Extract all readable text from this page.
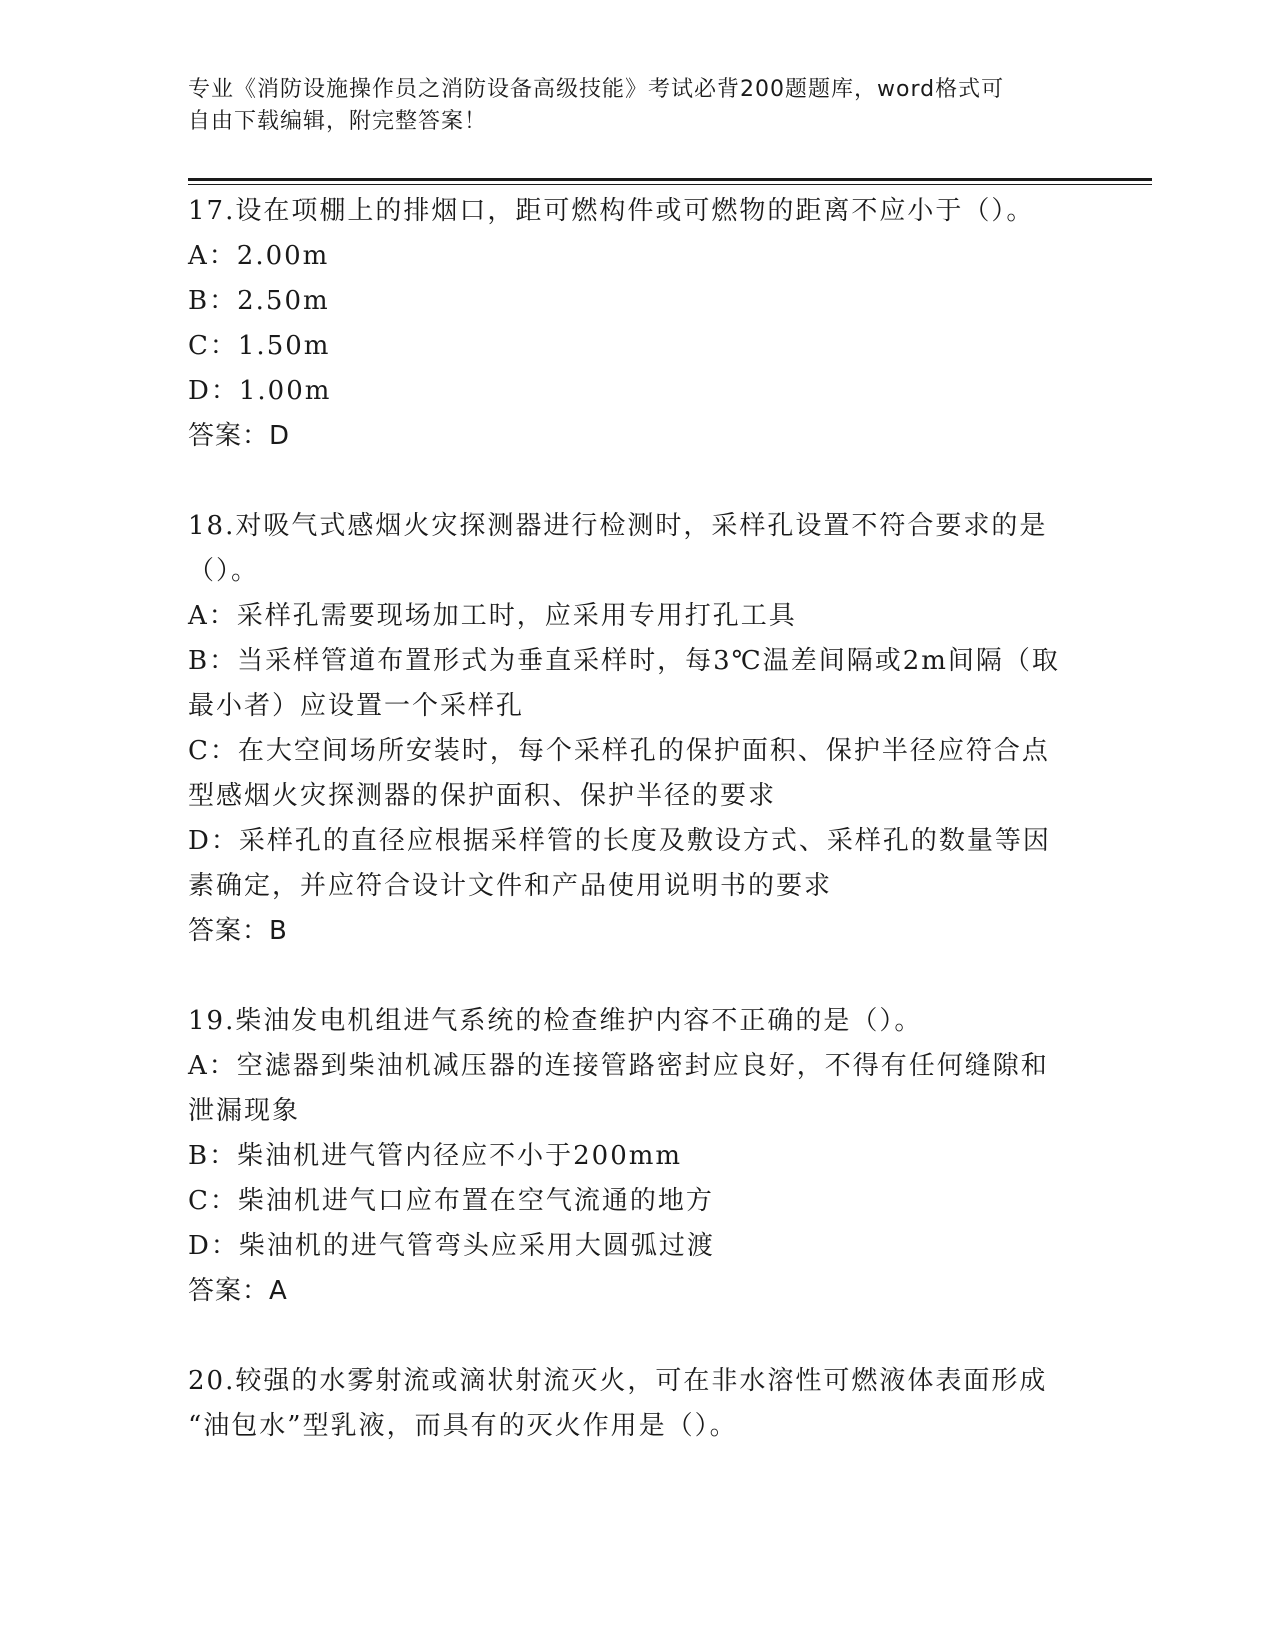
专业《消防设施操作员之消防设备高级技能》考试必背200题题库，word格式可
自由下载编辑，附完整答案！
17.设在项棚上的排烟口，距可燃构件或可燃物的距离不应小于（）。
A：2.00m
B：2.50m
C：1.50m
D：1.00m
答案：D
18.对吸气式感烟火灾探测器进行检测时，采样孔设置不符合要求的是
（）。
A：采样孔需要现场加工时，应采用专用打孔工具
B：当采样管道布置形式为垂直采样时，每3℃温差间隔或2m间隔（取
最小者）应设置一个采样孔
C：在大空间场所安装时，每个采样孔的保护面积、保护半径应符合点
型感烟火灾探测器的保护面积、保护半径的要求
D：采样孔的直径应根据采样管的长度及敷设方式、采样孔的数量等因
素确定，并应符合设计文件和产品使用说明书的要求
答案：B
19.柴油发电机组进气系统的检查维护内容不正确的是（）。
A：空滤器到柴油机减压器的连接管路密封应良好，不得有任何缝隙和
泄漏现象
B：柴油机进气管内径应不小于200mm
C：柴油机进气口应布置在空气流通的地方
D：柴油机的进气管弯头应采用大圆弧过渡
答案：A
20.较强的水雾射流或滴状射流灭火，可在非水溶性可燃液体表面形成
“油包水”型乳液，而具有的灭火作用是（）。
